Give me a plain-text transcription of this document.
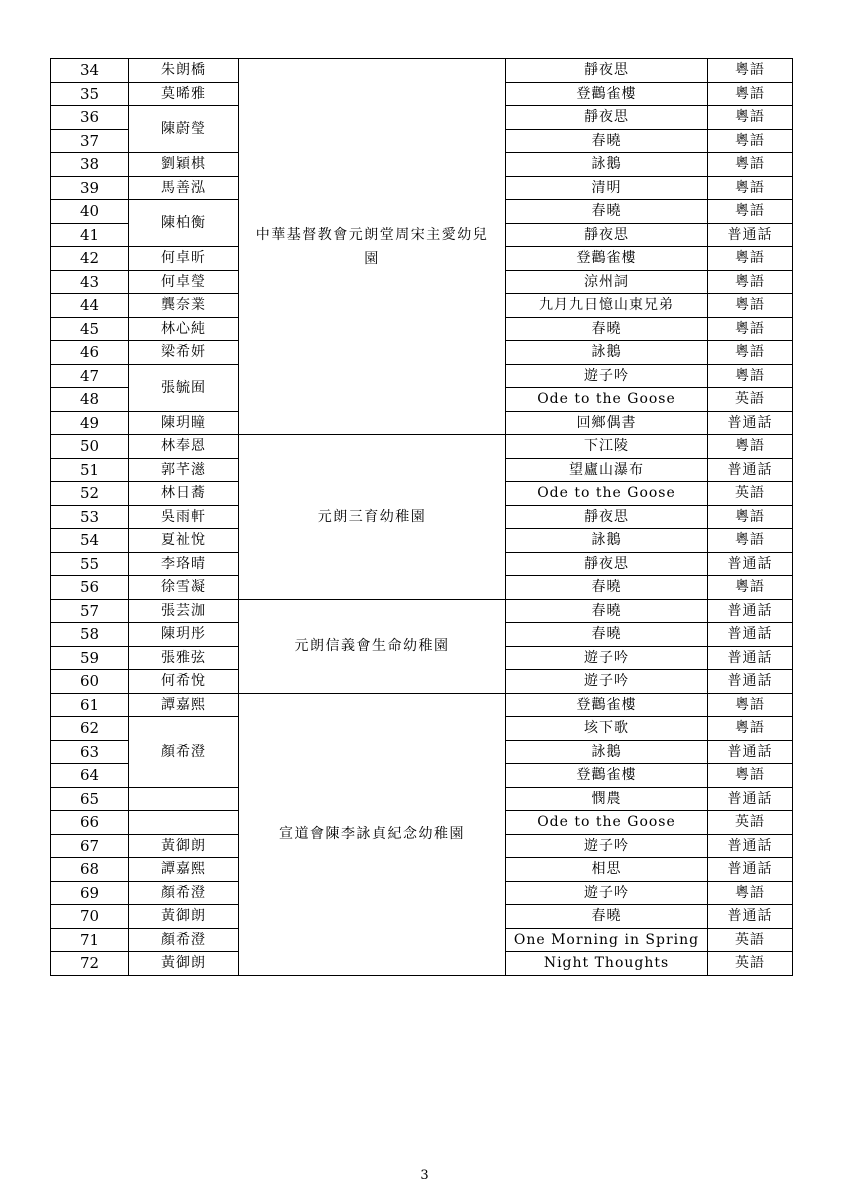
34	朱朗橋	中華基督教會元朗堂周宋主愛幼兒園	靜夜思	粵語
35	莫晞雅		登鸛雀樓	粵語
36	陳蔚瑩		靜夜思	粵語
37			春曉	粵語
38	劉穎棋		詠鵝	粵語
39	馬善泓		清明	粵語
40	陳柏衡		春曉	粵語
41			靜夜思	普通話
42	何卓昕		登鸛雀樓	粵語
43	何卓瑩		涼州詞	粵語
44	龔奈業		九月九日憶山東兄弟	粵語
45	林心純		春曉	粵語
46	梁希妍		詠鵝	粵語
47	張毓囿		遊子吟	粵語
48			Ode to the Goose	英語
49	陳玥瞳		回鄉偶書	普通話
50	林奉恩	元朗三育幼稚園	下江陵	粵語
51	郭芊濨		望廬山瀑布	普通話
52	林日蕎		Ode to the Goose	英語
53	吳雨軒		靜夜思	粵語
54	夏祉悅		詠鵝	粵語
55	李珞晴		靜夜思	普通話
56	徐雪凝		春曉	粵語
57	張芸泇	元朗信義會生命幼稚園	春曉	普通話
58	陳玥彤		春曉	普通話
59	張雅弦		遊子吟	普通話
60	何希悅		遊子吟	普通話
61	譚嘉熙	宣道會陳李詠貞紀念幼稚園	登鸛雀樓	粵語
62	顏希澄		垓下歌	粵語
63			詠鵝	普通話
64			登鸛雀樓	粵語
65			憫農	普通話
66			Ode to the Goose	英語
67	黃御朗		遊子吟	普通話
68	譚嘉熙		相思	普通話
69	顏希澄		遊子吟	粵語
70	黃御朗		春曉	普通話
71	顏希澄		One Morning in Spring	英語
72	黃御朗		Night Thoughts	英語
3
